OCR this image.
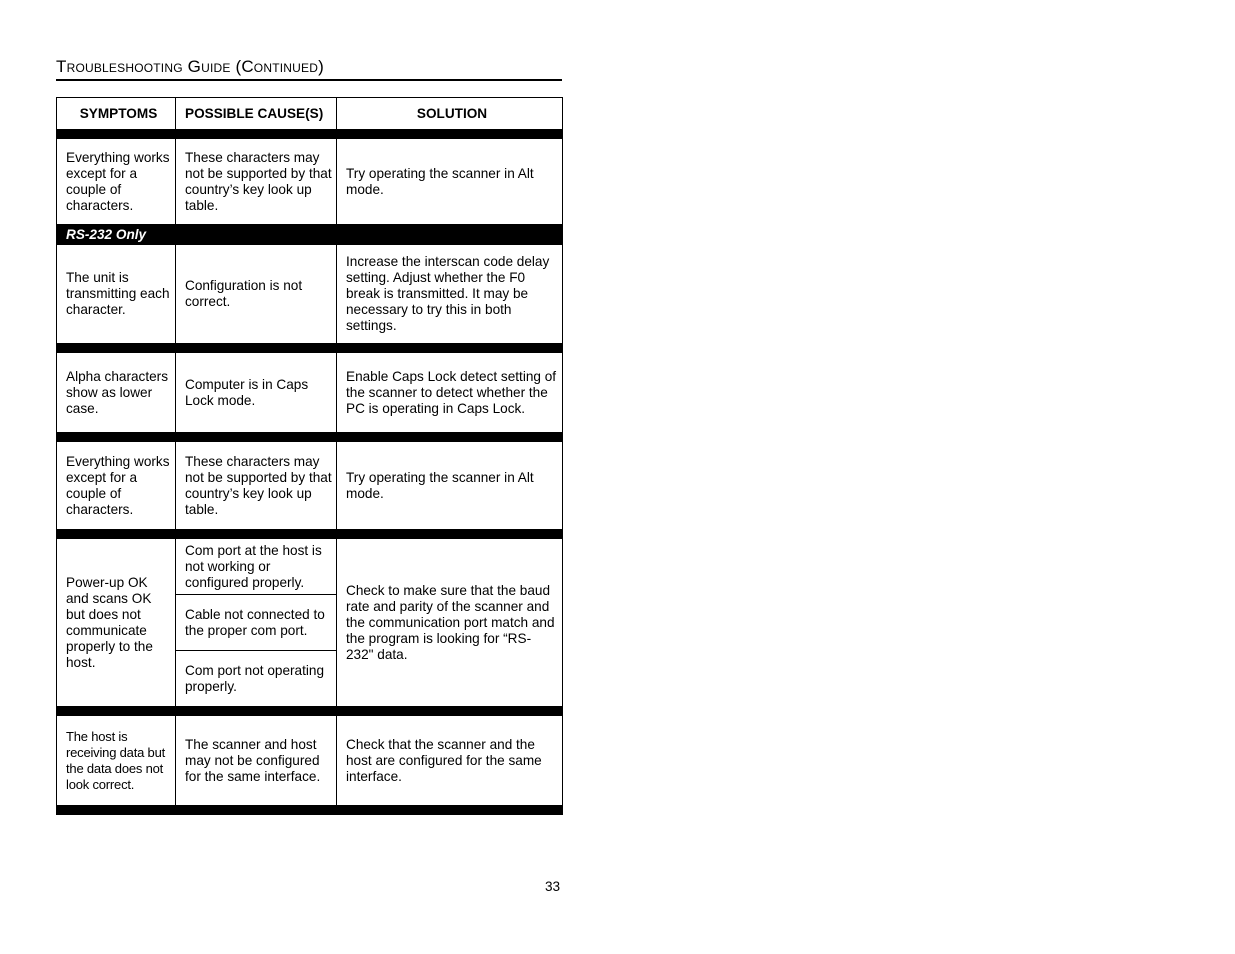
Troubleshooting Guide (Continued)
SYMPTOMS	POSSIBLE CAUSE(S)	SOLUTION

Everything works except for a couple of characters.	These characters may not be supported by that country’s key look up table.	Try operating the scanner in Alt mode.
RS-232 Only		
The unit is transmitting each character.	Configuration is not correct.	Increase the interscan code delay setting. Adjust whether the F0 break is transmitted. It may be necessary to try this in both settings.

Alpha characters show as lower case.	Computer is in Caps Lock mode.	Enable Caps Lock detect setting of the scanner to detect whether the PC is operating in Caps Lock.

Everything works except for a couple of characters.	These characters may not be supported by that country’s key look up table.	Try operating the scanner in Alt mode.

Power-up OK and scans OK but does not communicate properly to the host.	Com port at the host is not working or configured properly.	Check to make sure that the baud rate and parity of the scanner and the communication port match and the program is looking for “RS-232" data.
	Cable not connected to the proper com port.	
	Com port not operating properly.	

The host is receiving data but the data does not look correct.	The scanner and host may not be configured for the same interface.	Check that the scanner and the host are configured for the same interface.

33
